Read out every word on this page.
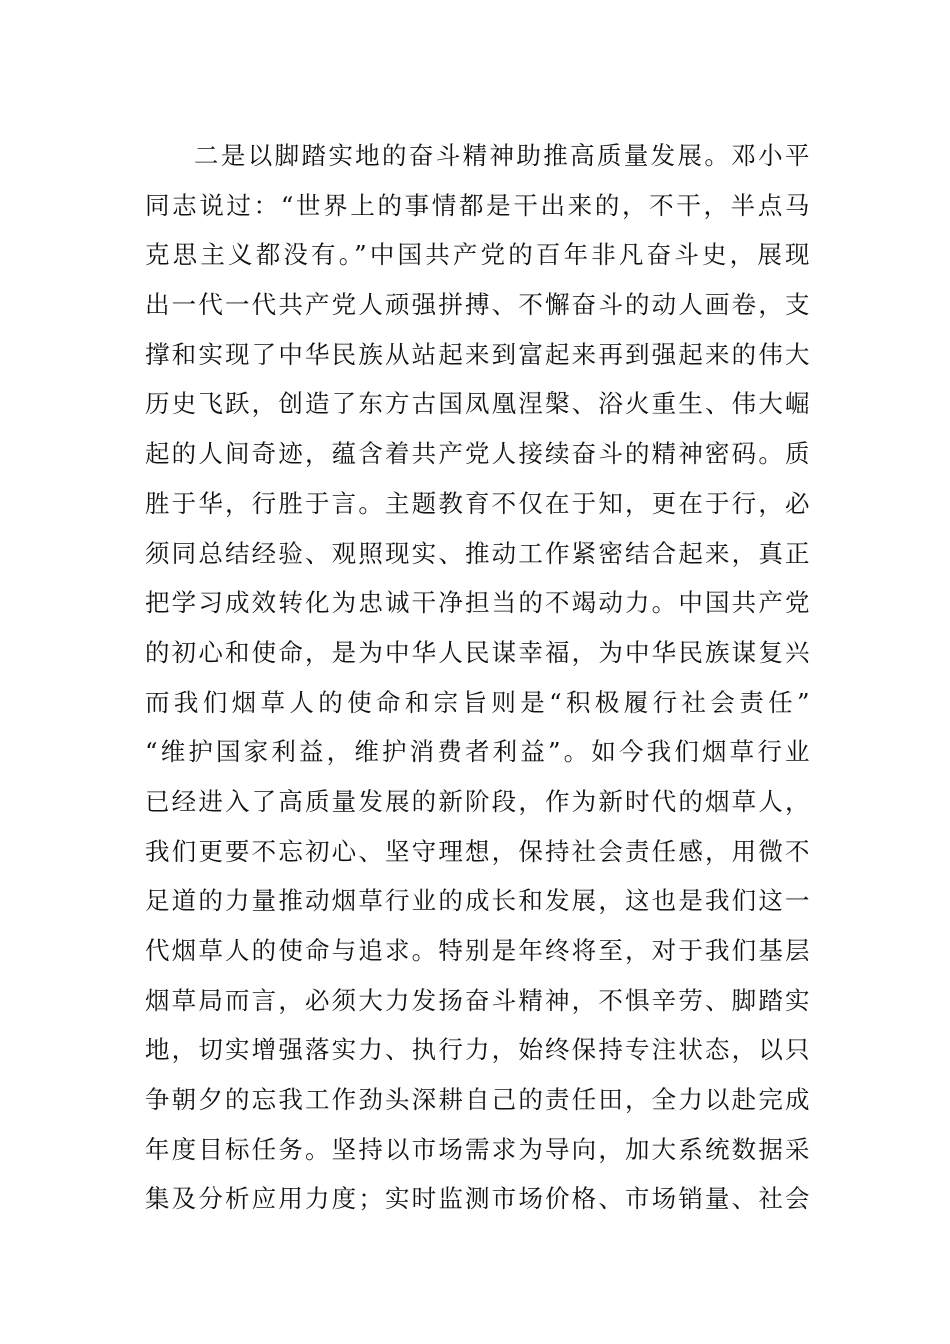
二是以脚踏实地的奋斗精神助推高质量发展。邓小平
同志说过：“世界上的事情都是干出来的，不干，半点马
克思主义都没有。”中国共产党的百年非凡奋斗史，展现
出一代一代共产党人顽强拼搏、不懈奋斗的动人画卷，支
撑和实现了中华民族从站起来到富起来再到强起来的伟大
历史飞跃，创造了东方古国凤凰涅槃、浴火重生、伟大崛
起的人间奇迹，蕴含着共产党人接续奋斗的精神密码。质
胜于华，行胜于言。主题教育不仅在于知，更在于行，必
须同总结经验、观照现实、推动工作紧密结合起来，真正
把学习成效转化为忠诚干净担当的不竭动力。中国共产党
的初心和使命，是为中华人民谋幸福，为中华民族谋复兴
而我们烟草人的使命和宗旨则是“积极履行社会责任”
“维护国家利益，维护消费者利益”。如今我们烟草行业
已经进入了高质量发展的新阶段，作为新时代的烟草人，
我们更要不忘初心、坚守理想，保持社会责任感，用微不
足道的力量推动烟草行业的成长和发展，这也是我们这一
代烟草人的使命与追求。特别是年终将至，对于我们基层
烟草局而言，必须大力发扬奋斗精神，不惧辛劳、脚踏实
地，切实增强落实力、执行力，始终保持专注状态，以只
争朝夕的忘我工作劲头深耕自己的责任田，全力以赴完成
年度目标任务。坚持以市场需求为导向，加大系统数据采
集及分析应用力度；实时监测市场价格、市场销量、社会
